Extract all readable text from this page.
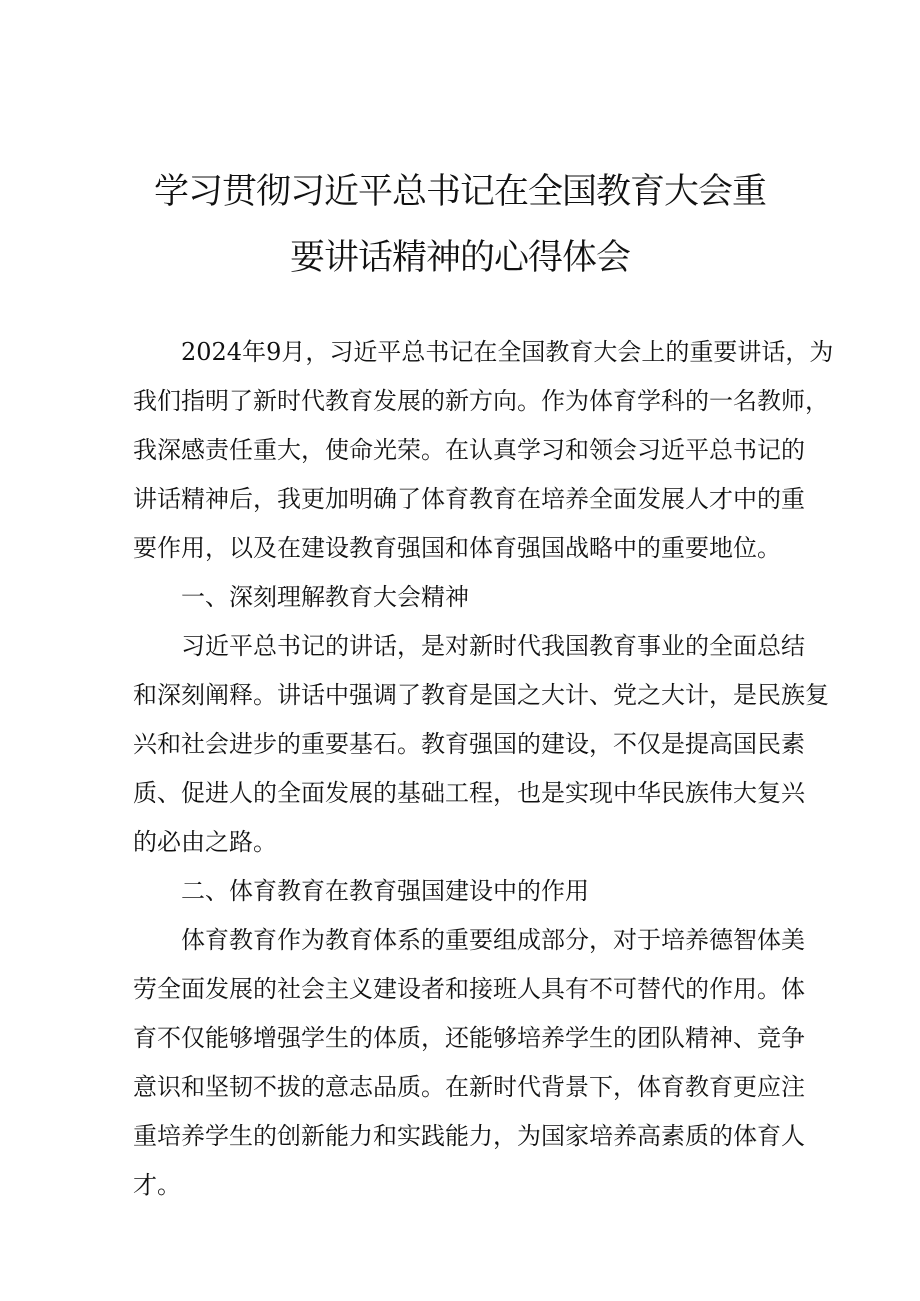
学习贯彻习近平总书记在全国教育大会重
要讲话精神的心得体会
2024年9月，习近平总书记在全国教育大会上的重要讲话，为
我们指明了新时代教育发展的新方向。作为体育学科的一名教师，
我深感责任重大，使命光荣。在认真学习和领会习近平总书记的
讲话精神后，我更加明确了体育教育在培养全面发展人才中的重
要作用，以及在建设教育强国和体育强国战略中的重要地位。
一、深刻理解教育大会精神
习近平总书记的讲话，是对新时代我国教育事业的全面总结
和深刻阐释。讲话中强调了教育是国之大计、党之大计，是民族复
兴和社会进步的重要基石。教育强国的建设，不仅是提高国民素
质、促进人的全面发展的基础工程，也是实现中华民族伟大复兴
的必由之路。
二、体育教育在教育强国建设中的作用
体育教育作为教育体系的重要组成部分，对于培养德智体美
劳全面发展的社会主义建设者和接班人具有不可替代的作用。体
育不仅能够增强学生的体质，还能够培养学生的团队精神、竞争
意识和坚韧不拔的意志品质。在新时代背景下，体育教育更应注
重培养学生的创新能力和实践能力，为国家培养高素质的体育人
才。
